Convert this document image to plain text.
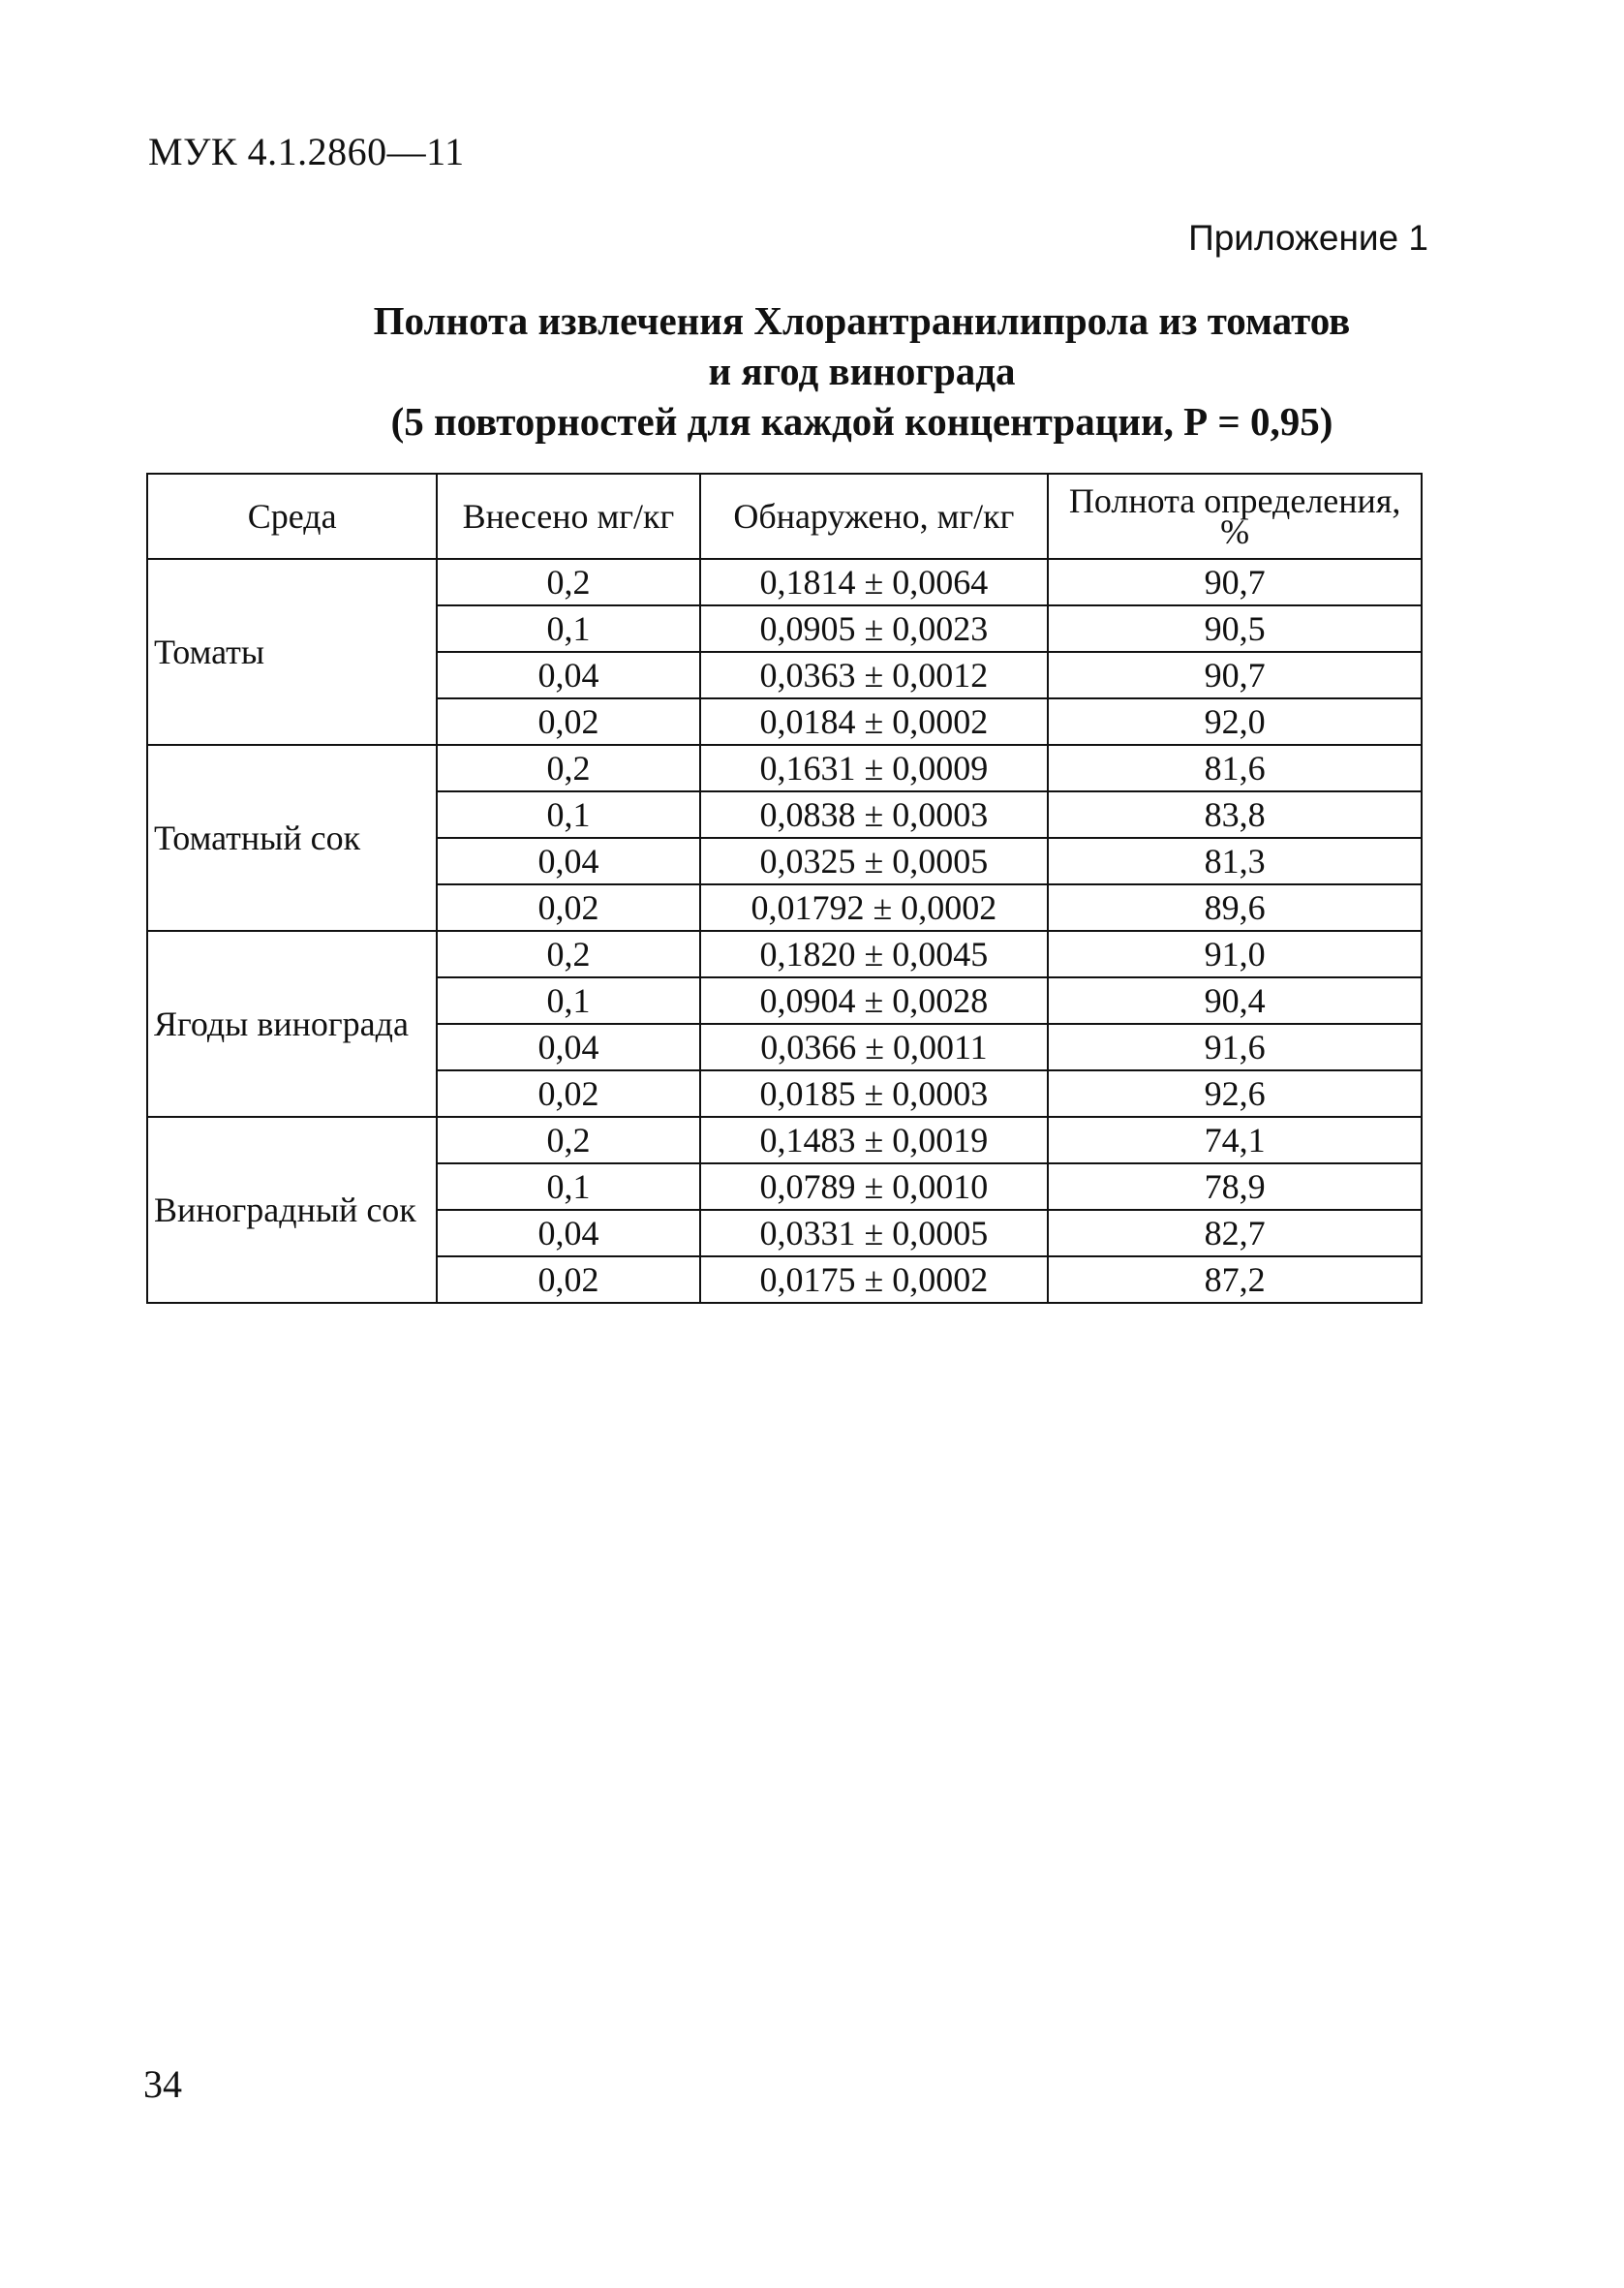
МУК 4.1.2860—11
Приложение 1
Полнота извлечения Хлорантранилипрола из томатов
и ягод винограда
(5 повторностей для каждой концентрации, Р = 0,95)
Среда	Внесено мг/кг	Обнаружено, мг/кг	Полнота определения,
%

Томаты	0,2	0,1814 ± 0,0064	90,7
	0,1	0,0905 ± 0,0023	90,5
	0,04	0,0363 ± 0,0012	90,7
	0,02	0,0184 ± 0,0002	92,0
Томатный сок	0,2	0,1631 ± 0,0009	81,6
	0,1	0,0838 ± 0,0003	83,8
	0,04	0,0325 ± 0,0005	81,3
	0,02	0,01792 ± 0,0002	89,6
Ягоды винограда	0,2	0,1820 ± 0,0045	91,0
	0,1	0,0904 ± 0,0028	90,4
	0,04	0,0366 ± 0,0011	91,6
	0,02	0,0185 ± 0,0003	92,6
Виноградный сок	0,2	0,1483 ± 0,0019	74,1
	0,1	0,0789 ± 0,0010	78,9
	0,04	0,0331 ± 0,0005	82,7
	0,02	0,0175 ± 0,0002	87,2
34
